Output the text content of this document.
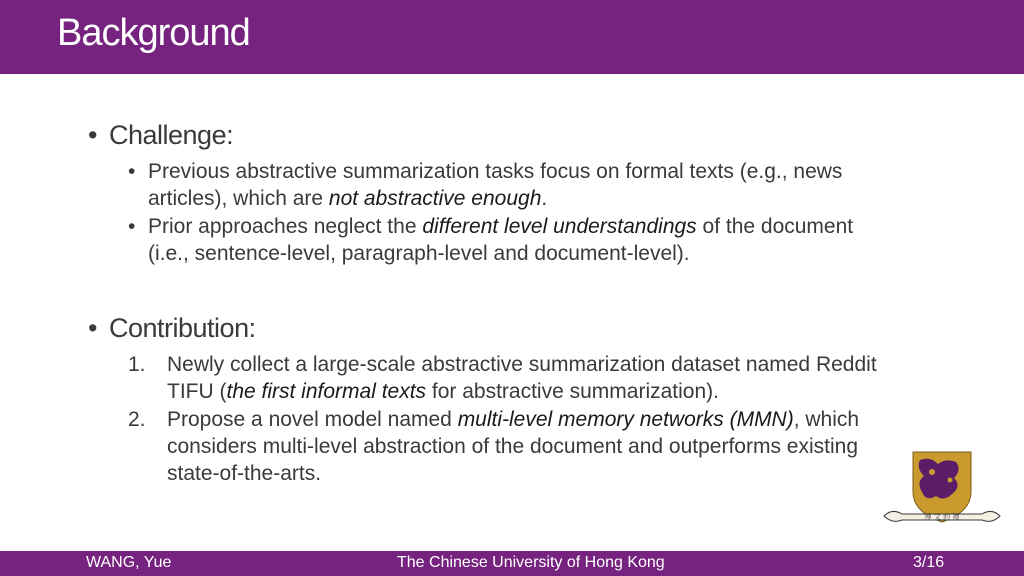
Background
• Challenge:
• Previous abstractive summarization tasks focus on formal texts (e.g., news articles), which are not abstractive enough.
• Prior approaches neglect the different level understandings of the document (i.e., sentence-level, paragraph-level and document-level).
• Contribution:
1. Newly collect a large-scale abstractive summarization dataset named Reddit TIFU (the first informal texts for abstractive summarization).
2. Propose a novel model named multi-level memory networks (MMN), which considers multi-level abstraction of the document and outperforms existing state-of-the-arts.
博 文 約 禮
WANG, Yue	The Chinese University of Hong Kong	3/16
